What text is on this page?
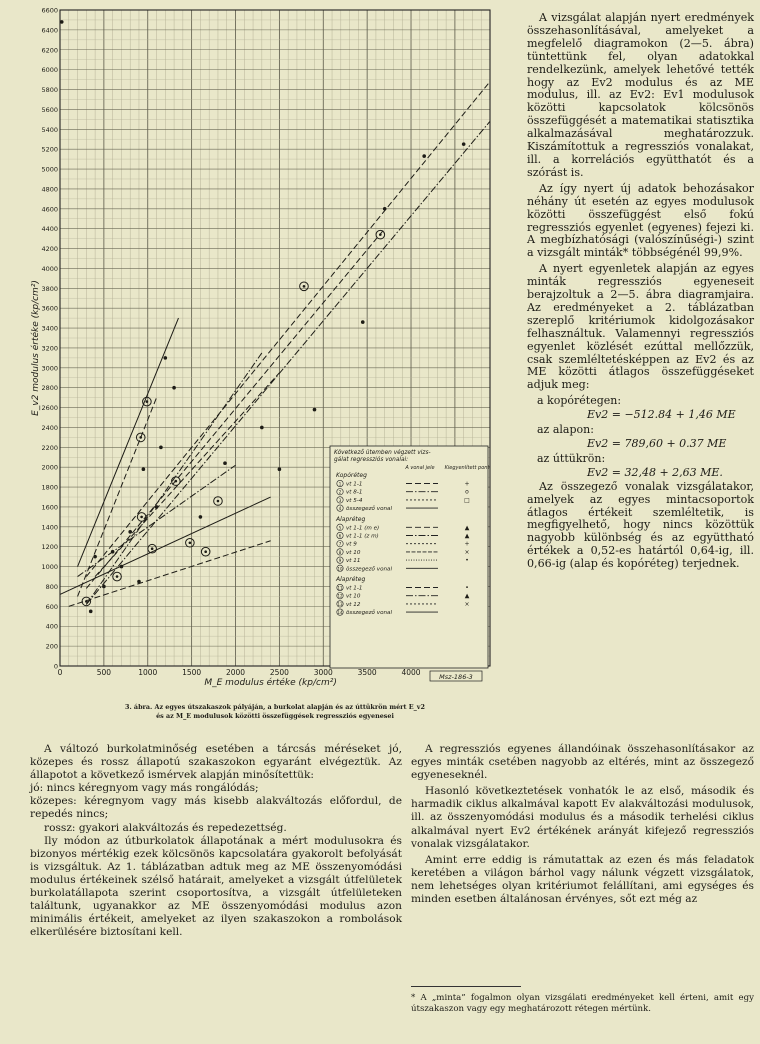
0
200
400
600
800
1000
1200
1400
1600
1800
2000
2200
2400
2600
2800
3000
3200
3400
3600
3800
4000
4200
4400
4600
4800
5000
5200
5400
5600
5800
6000
6200
6400
6600
0	500	1000	1500	2000	2500	3000	3500	4000
M_E modulus értéke (kp/cm²)
E_v2 modulus értéke (kp/cm²)
Következő ütemben végzett vizs-
gálat regressziós vonalai:
A vonal jele Kiegyenlített pont
Kopóréteg
1 vt 1-1	+
2 vt 8-1	o
3 vt 5-4	□
4 összegező vonal
Alapréteg
5 vt 1-1 (m e)	▲
6 vt 1-1 (z m)	▲
7 vt 9	+
8 vt 10	×
9 vt 11	•
10 összegező vonal
Alapréteg
11 vt 1-1	•
12 vt 10	▲
13 vt 12	×
14 összegező vonal
Msz-186-3
3. ábra. Az egyes útszakaszok pályáján, a burkolat alapján és az úttükrön mért E_v2
és az M_E modulusok közötti összefüggések regressziós egyenesei

A vizsgálat alapján nyert eredmények összehasonlításával, amelyeket a megfelelő diagramokon (2—5. ábra) tüntettünk fel, olyan adatokkal rendelkezünk, amelyek lehetővé tették hogy az Ev2 modulus és az ME modulus, ill. az Ev2: Ev1 modulusok közötti kapcsolatok kölcsönös összefüggését a matematikai statisztika alkalmazásával meghatározzuk. Kiszámítottuk a regressziós vonalakat, ill. a korrelációs együtthatót és a szórást is.

Az így nyert új adatok behozásakor néhány út esetén az egyes modulusok közötti összefüggést első fokú regressziós egyenlet (egyenes) fejezi ki. A megbízhatósági (valószínűségi-) szint a vizsgált minták* többségénél 99,9%.

A nyert egyenletek alapján az egyes minták regressziós egyeneseit berajzoltuk a 2—5. ábra diagramjaira. Az eredményeket a 2. táblázatban szereplő kritériumok kidolgozásakor felhasználtuk. Valamennyi regressziós egyenlet közlését ezúttal mellőzzük, csak szemléltetésképpen az Ev2 és az ME közötti átlagos összefüggéseket adjuk meg:

a kopórétegen:
Ev2 = −512.84 + 1,46 ME
az alapon:
Ev2 = 789,60 + 0.37 ME
az úttükrön:
Ev2 = 32,48 + 2,63 ME.

Az összegező vonalak vizsgálatakor, amelyek az egyes mintacsoportok átlagos értékeit szemléltetik, is megfigyelhető, hogy nincs közöttük nagyobb különbség és az együttható értékek a 0,52-es határtól 0,64-ig, ill. 0,66-ig (alap és kopóréteg) terjednek.

A változó burkolatminőség esetében a tárcsás méréseket jó, közepes és rossz állapotú szakaszokon egyaránt elvégeztük. Az állapotot a következő ismérvek alapján minősítettük:

jó: nincs kéregnyom vagy más rongálódás;

közepes: kéregnyom vagy más kisebb alakváltozás előfordul, de repedés nincs;

rossz: gyakori alakváltozás és repedezettség.

Ily módon az útburkolatok állapotának a mért modulusokra és bizonyos mértékig ezek kölcsönös kapcsolatára gyakorolt befolyását is vizsgáltuk. Az 1. táblázatban adtuk meg az ME összenyomódási modulus értékeinek szélső határait, amelyeket a vizsgált útfelületek burkolatállapota szerint csoportosítva, a vizsgált útfelületeken találtunk, ugyanakkor az ME összenyomódási modulus azon minimális értékeit, amelyeket az ilyen szakaszokon a rombolások elkerülésére biztosítani kell.

A regressziós egyenes állandóinak összehasonlításakor az egyes minták csetében nagyobb az eltérés, mint az összegező egyeneseknél.

Hasonló következtetések vonhatók le az első, második és harmadik ciklus alkalmával kapott Ev alakváltozási modulusok, ill. az összenyomódási modulus és a második terhelési ciklus alkalmával nyert Ev2 értékének arányát kifejező regressziós vonalak vizsgálatakor.

Amint erre eddig is rámutattak az ezen és más feladatok keretében a világon bárhol vagy nálunk végzett vizsgálatok, nem lehetséges olyan kritériumot felállítani, ami egységes és minden esetben általánosan érvényes, sőt ezt még az

* A „minta” fogalmon olyan vizsgálati eredményeket kell érteni, amit egy útszakaszon vagy egy meghatározott rétegen mértünk.
